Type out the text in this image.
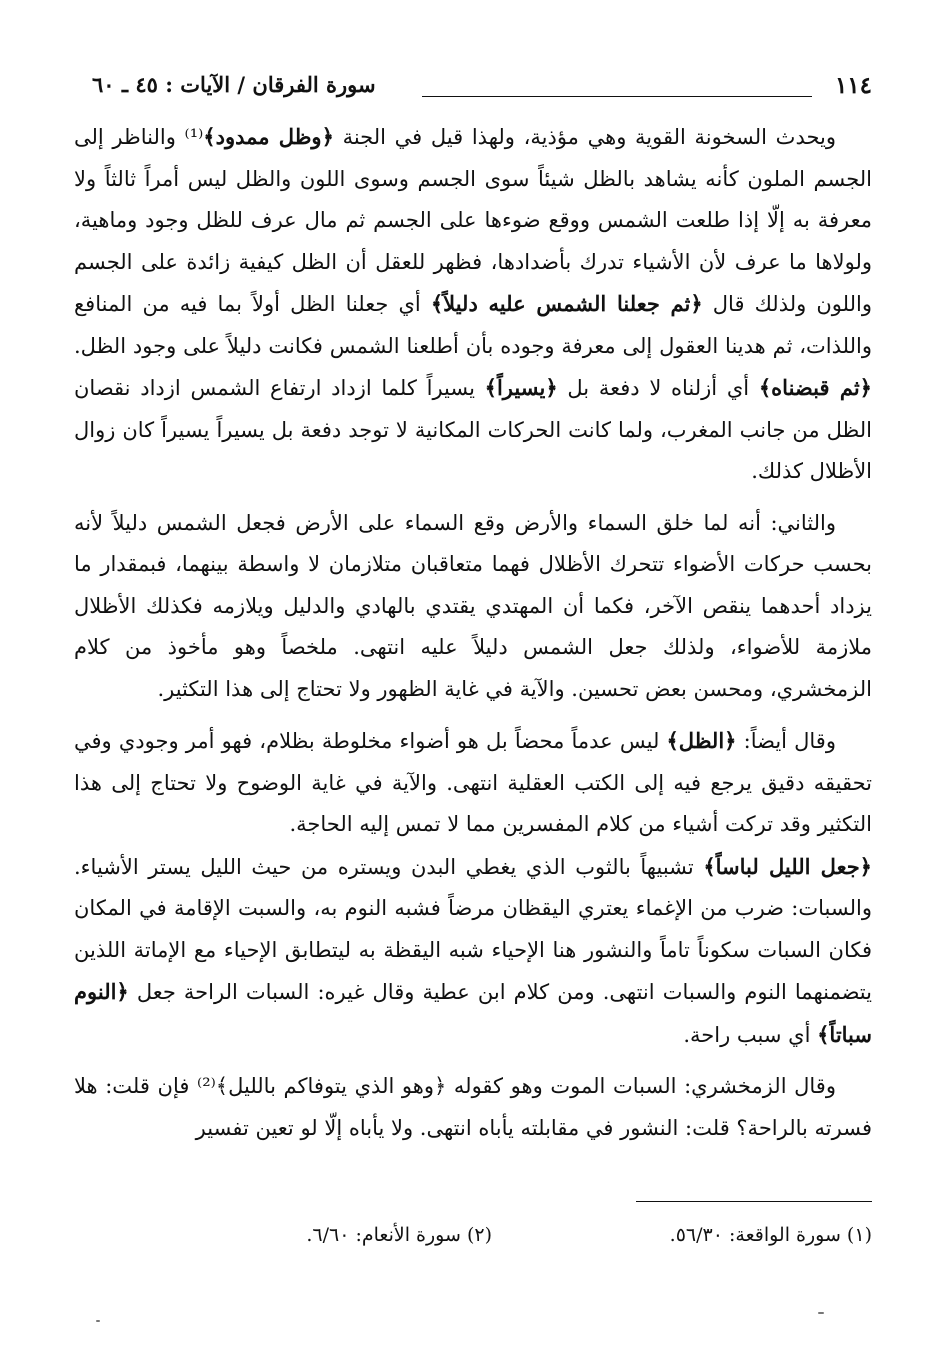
١١٤
سورة الفرقان / الآيات : ٤٥ ـ ٦٠

ويحدث السخونة القوية وهي مؤذية، ولهذا قيل في الجنة ﴿وظل ممدود﴾⁽¹⁾ والناظر إلى الجسم الملون كأنه يشاهد بالظل شيئاً سوى الجسم وسوى اللون والظل ليس أمراً ثالثاً ولا معرفة به إلّا إذا طلعت الشمس ووقع ضوءها على الجسم ثم مال عرف للظل وجود وماهية، ولولاها ما عرف لأن الأشياء تدرك بأضدادها، فظهر للعقل أن الظل كيفية زائدة على الجسم واللون ولذلك قال ﴿ثم جعلنا الشمس عليه دليلاً﴾ أي جعلنا الظل أولاً بما فيه من المنافع واللذات، ثم هدينا العقول إلى معرفة وجوده بأن أطلعنا الشمس فكانت دليلاً على وجود الظل. ﴿ثم قبضناه﴾ أي أزلناه لا دفعة بل ﴿يسيراً﴾ يسيراً كلما ازداد ارتفاع الشمس ازداد نقصان الظل من جانب المغرب، ولما كانت الحركات المكانية لا توجد دفعة بل يسيراً يسيراً كان زوال الأظلال كذلك.

والثاني: أنه لما خلق السماء والأرض وقع السماء على الأرض فجعل الشمس دليلاً لأنه بحسب حركات الأضواء تتحرك الأظلال فهما متعاقبان متلازمان لا واسطة بينهما، فبمقدار ما يزداد أحدهما ينقص الآخر، فكما أن المهتدي يقتدي بالهادي والدليل ويلازمه فكذلك الأظلال ملازمة للأضواء، ولذلك جعل الشمس دليلاً عليه انتهى. ملخصاً وهو مأخوذ من كلام الزمخشري، ومحسن بعض تحسين. والآية في غاية الظهور ولا تحتاج إلى هذا التكثير.

وقال أيضاً: ﴿الظل﴾ ليس عدماً محضاً بل هو أضواء مخلوطة بظلام، فهو أمر وجودي وفي تحقيقه دقيق يرجع فيه إلى الكتب العقلية انتهى. والآية في غاية الوضوح ولا تحتاج إلى هذا التكثير وقد تركت أشياء من كلام المفسرين مما لا تمس إليه الحاجة.

﴿جعل الليل لباساً﴾ تشبيهاً بالثوب الذي يغطي البدن ويستره من حيث الليل يستر الأشياء. والسبات: ضرب من الإغماء يعتري اليقظان مرضاً فشبه النوم به، والسبت الإقامة في المكان فكان السبات سكوناً تاماً والنشور هنا الإحياء شبه اليقظة به ليتطابق الإحياء مع الإماتة اللذين يتضمنهما النوم والسبات انتهى. ومن كلام ابن عطية وقال غيره: السبات الراحة جعل ﴿النوم سباتاً﴾ أي سبب راحة.

وقال الزمخشري: السبات الموت وهو كقوله ﴿وهو الذي يتوفاكم بالليل﴾⁽²⁾ فإن قلت: هلا فسرته بالراحة؟ قلت: النشور في مقابلته يأباه انتهى. ولا يأباه إلّا لو تعين تفسير

(١) سورة الواقعة: ٥٦/٣٠.
(٢) سورة الأنعام: ٦/٦٠.
